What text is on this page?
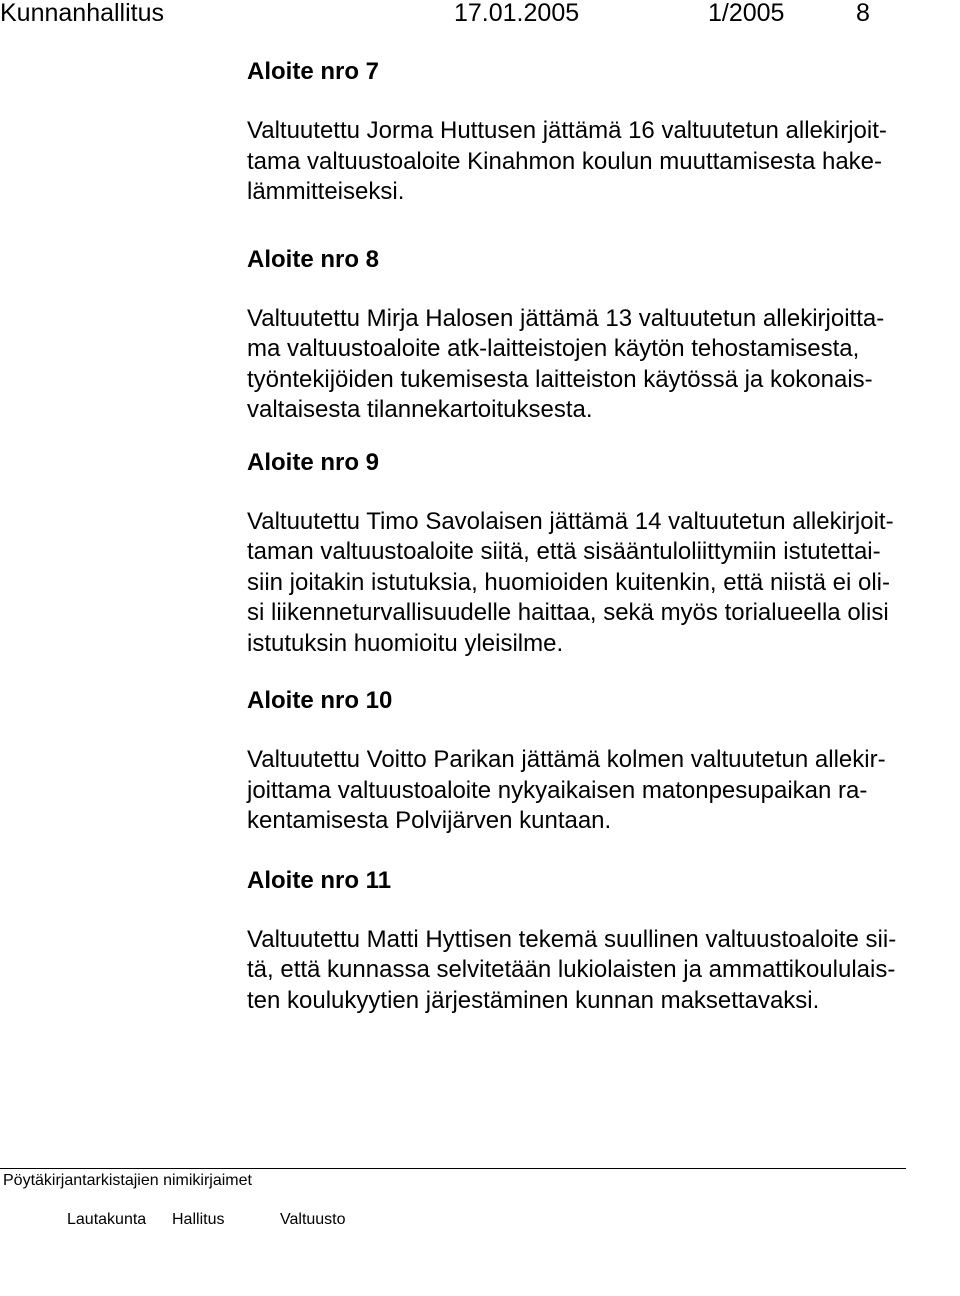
Kunnanhallitus	17.01.2005	1/2005	8
Aloite nro 7

Valtuutettu Jorma Huttusen jättämä 16 valtuutetun allekirjoit-
tama valtuustoaloite Kinahmon koulun muuttamisesta hake-
lämmitteiseksi.

Aloite nro 8

Valtuutettu Mirja Halosen jättämä 13 valtuutetun allekirjoitta-
ma valtuustoaloite atk-laitteistojen käytön tehostamisesta,
työntekijöiden tukemisesta laitteiston käytössä ja kokonais-
valtaisesta tilannekartoituksesta.

Aloite nro 9

Valtuutettu Timo Savolaisen jättämä 14 valtuutetun allekirjoit-
taman valtuustoaloite siitä, että sisääntuloliittymiin istutettai-
siin joitakin istutuksia, huomioiden kuitenkin, että niistä ei oli-
si liikenneturvallisuudelle haittaa, sekä myös torialueella olisi
istutuksin huomioitu yleisilme.

Aloite nro 10

Valtuutettu Voitto Parikan jättämä kolmen valtuutetun allekir-
joittama valtuustoaloite nykyaikaisen matonpesupaikan ra-
kentamisesta Polvijärven kuntaan.

Aloite nro 11

Valtuutettu Matti Hyttisen tekemä suullinen valtuustoaloite sii-
tä, että kunnassa selvitetään lukiolaisten ja ammattikoululais-
ten koulukyytien järjestäminen kunnan maksettavaksi.

Pöytäkirjantarkistajien nimikirjaimet
Lautakunta Hallitus	Valtuusto
